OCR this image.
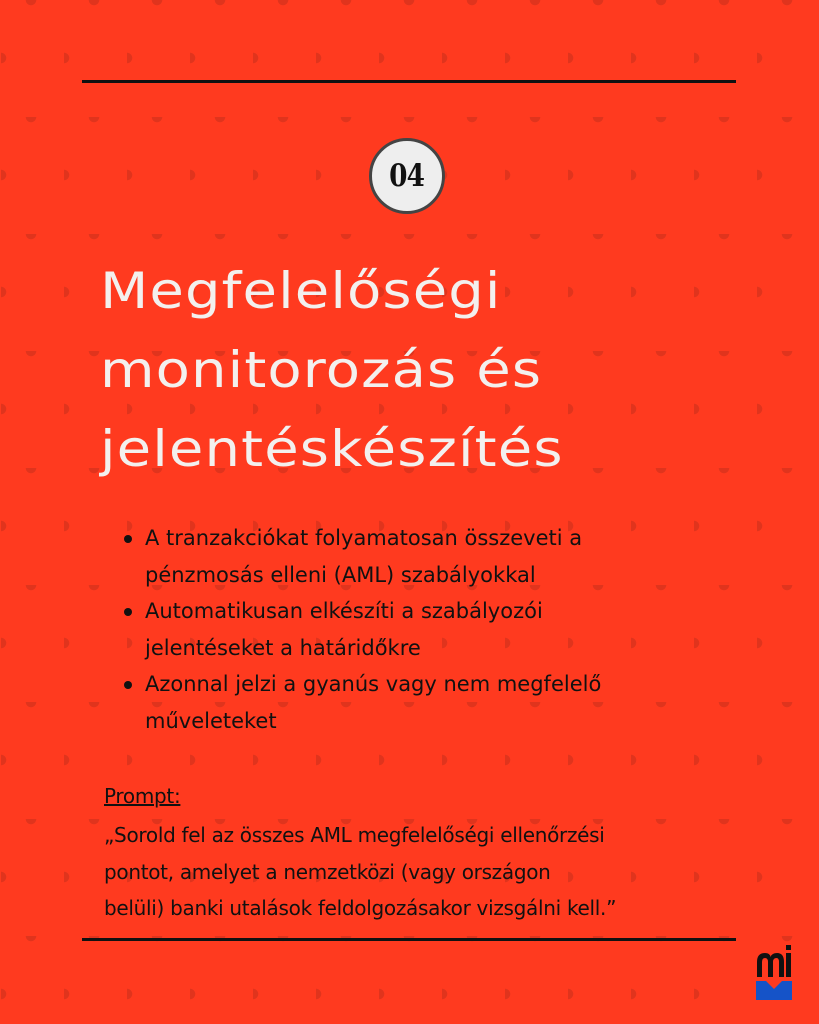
04
Megfelelőségi
monitorozás és
jelentéskészítés
A tranzakciókat folyamatosan összeveti a
pénzmosás elleni (AML) szabályokkal
Automatikusan elkészíti a szabályozói
jelentéseket a határidőkre
Azonnal jelzi a gyanús vagy nem megfelelő
műveleteket
Prompt:
„Sorold fel az összes AML megfelelőségi ellenőrzési
pontot, amelyet a nemzetközi (vagy országon
belüli) banki utalások feldolgozásakor vizsgálni kell.”
